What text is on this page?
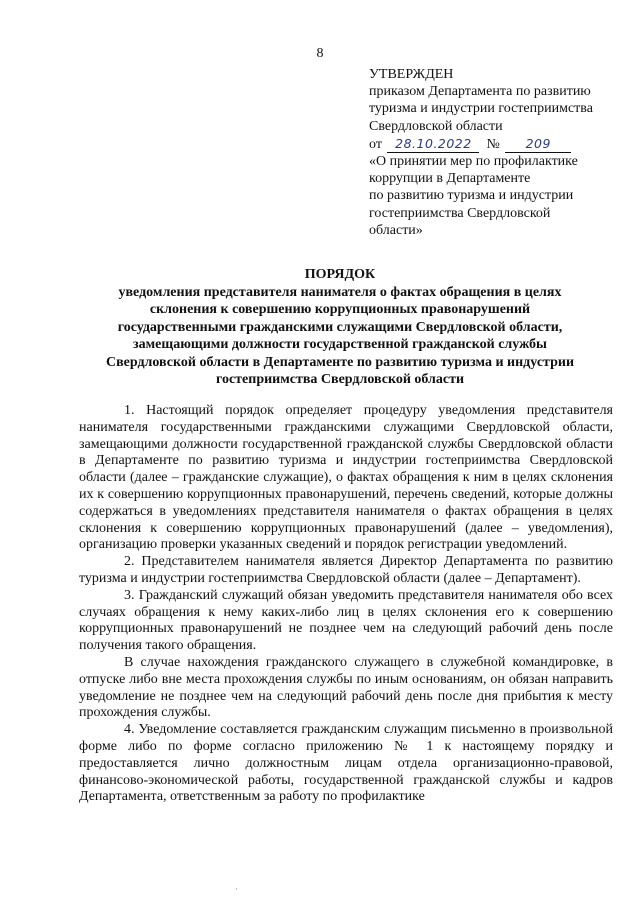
8
УТВЕРЖДЕН
приказом Департамента по развитию
туризма и индустрии гостеприимства
Свердловской области
от 28.10.2022 № 209
«О принятии мер по профилактике
коррупции в Департаменте
по развитию туризма и индустрии
гостеприимства Свердловской
области»
ПОРЯДОК
уведомления представителя нанимателя о фактах обращения в целях
склонения к совершению коррупционных правонарушений
государственными гражданскими служащими Свердловской области,
замещающими должности государственной гражданской службы
Свердловской области в Департаменте по развитию туризма и индустрии
гостеприимства Свердловской области

1. Настоящий порядок определяет процедуру уведомления представителя нанимателя государственными гражданскими служащими Свердловской области, замещающими должности государственной гражданской службы Свердловской области в Департаменте по развитию туризма и индустрии гостеприимства Свердловской области (далее – гражданские служащие), о фактах обращения к ним в целях склонения их к совершению коррупционных правонарушений, перечень сведений, которые должны содержаться в уведомлениях представителя нанимателя о фактах обращения в целях склонения к совершению коррупционных правонарушений (далее – уведомления), организацию проверки указанных сведений и порядок регистрации уведомлений.

2. Представителем нанимателя является Директор Департамента по развитию туризма и индустрии гостеприимства Свердловской области (далее – Департамент).

3. Гражданский служащий обязан уведомить представителя нанимателя обо всех случаях обращения к нему каких-либо лиц в целях склонения его к совершению коррупционных правонарушений не позднее чем на следующий рабочий день после получения такого обращения.

В случае нахождения гражданского служащего в служебной командировке, в отпуске либо вне места прохождения службы по иным основаниям, он обязан направить уведомление не позднее чем на следующий рабочий день после дня прибытия к месту прохождения службы.

4. Уведомление составляется гражданским служащим письменно в произвольной форме либо по форме согласно приложению № 1 к настоящему порядку и предоставляется лично должностным лицам отдела организационно-правовой, финансово-экономической работы, государственной гражданской службы и кадров Департамента, ответственным за работу по профилактике
